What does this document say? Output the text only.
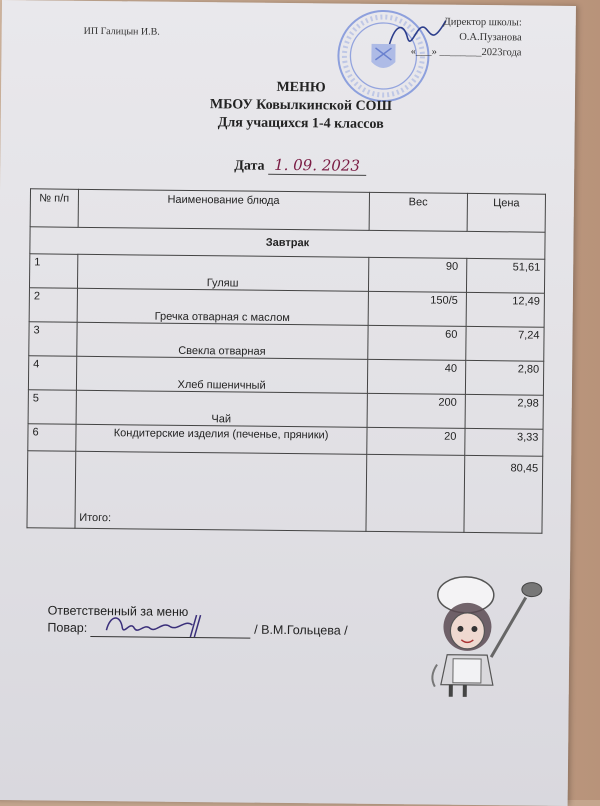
ИП Галицын И.В.
Директор школы:
О.А.Пузанова
«___» ________2023года
МЕНЮ
МБОУ Ковылкинской СОШ
Для учащихся 1-4 классов
Дата 1. 09. 2023
№ п/п	Наименование блюда	Вес	Цена
Завтрак			
1	Гуляш	90	51,61
2	Гречка отварная с маслом	150/5	12,49
3	Свекла отварная	60	7,24
4	Хлеб пшеничный	40	2,80
5	Чай	200	2,98
6	Кондитерские изделия (печенье, пряники)	20	3,33
	Итого:		80,45
Ответственный за меню
Повар:	/ В.М.Гольцева /
